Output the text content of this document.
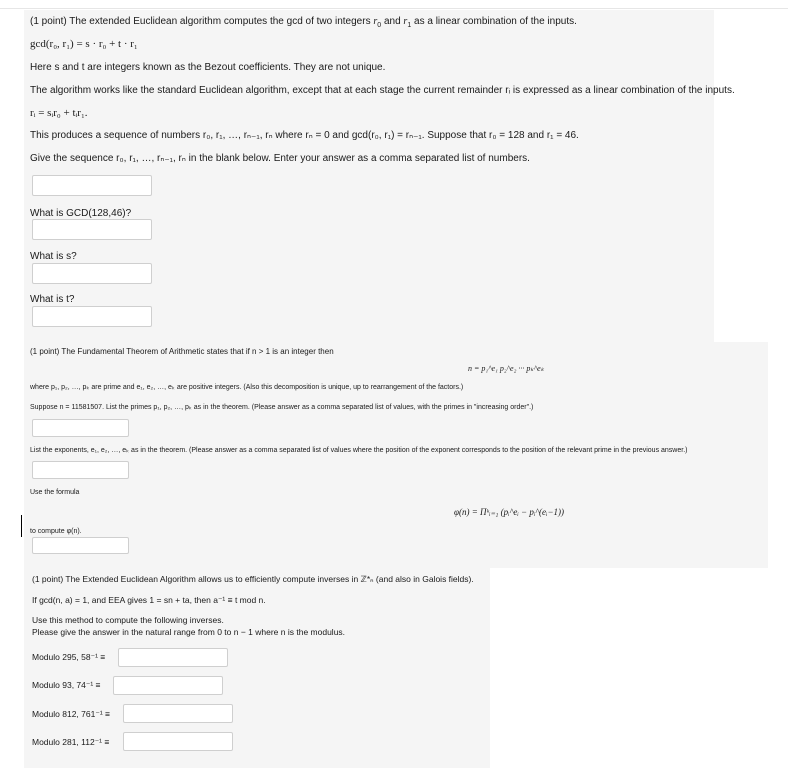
(1 point) The extended Euclidean algorithm computes the gcd of two integers $r_0$ and $r_1$ as a linear combination of the inputs.
gcd(r₀, r₁) = s · r₀ + t · r₁
Here s and t are integers known as the Bezout coefficients. They are not unique.
The algorithm works like the standard Euclidean algorithm, except that at each stage the current remainder rᵢ is expressed as a linear combination of the inputs.
rᵢ = sᵢr₀ + tᵢr₁.
This produces a sequence of numbers r₀, r₁, …, rₙ₋₁, rₙ where rₙ = 0 and gcd(r₀, r₁) = rₙ₋₁. Suppose that r₀ = 128 and r₁ = 46.
Give the sequence r₀, r₁, …, rₙ₋₁, rₙ in the blank below. Enter your answer as a comma separated list of numbers.
What is GCD(128,46)?
What is s?
What is t?
(1 point) The Fundamental Theorem of Arithmetic states that if n > 1 is an integer then
n = p₁^e₁ p₂^e₂ ··· pₖ^eₖ
where p₁, p₂, …, pₖ are prime and e₁, e₂, …, eₖ are positive integers. (Also this decomposition is unique, up to rearrangement of the factors.)
Suppose n = 11581507. List the primes p₁, p₂, …, pₖ as in the theorem. (Please answer as a comma separated list of values, with the primes in "increasing order".)
List the exponents, e₁, e₂, …, eₖ as in the theorem. (Please answer as a comma separated list of values where the position of the exponent corresponds to the position of the relevant prime in the previous answer.)
Use the formula
φ(n) = Πᵏᵢ₌₁ (pᵢ^eᵢ − pᵢ^(eᵢ−1))
to compute φ(n).
(1 point) The Extended Euclidean Algorithm allows us to efficiently compute inverses in ℤ*ₙ (and also in Galois fields).
If gcd(n, a) = 1, and EEA gives 1 = sn + ta, then a⁻¹ ≡ t mod n.
Use this method to compute the following inverses.
Please give the answer in the natural range from 0 to n − 1 where n is the modulus.
Modulo 295, 58⁻¹ ≡
Modulo 93, 74⁻¹ ≡
Modulo 812, 761⁻¹ ≡
Modulo 281, 112⁻¹ ≡
